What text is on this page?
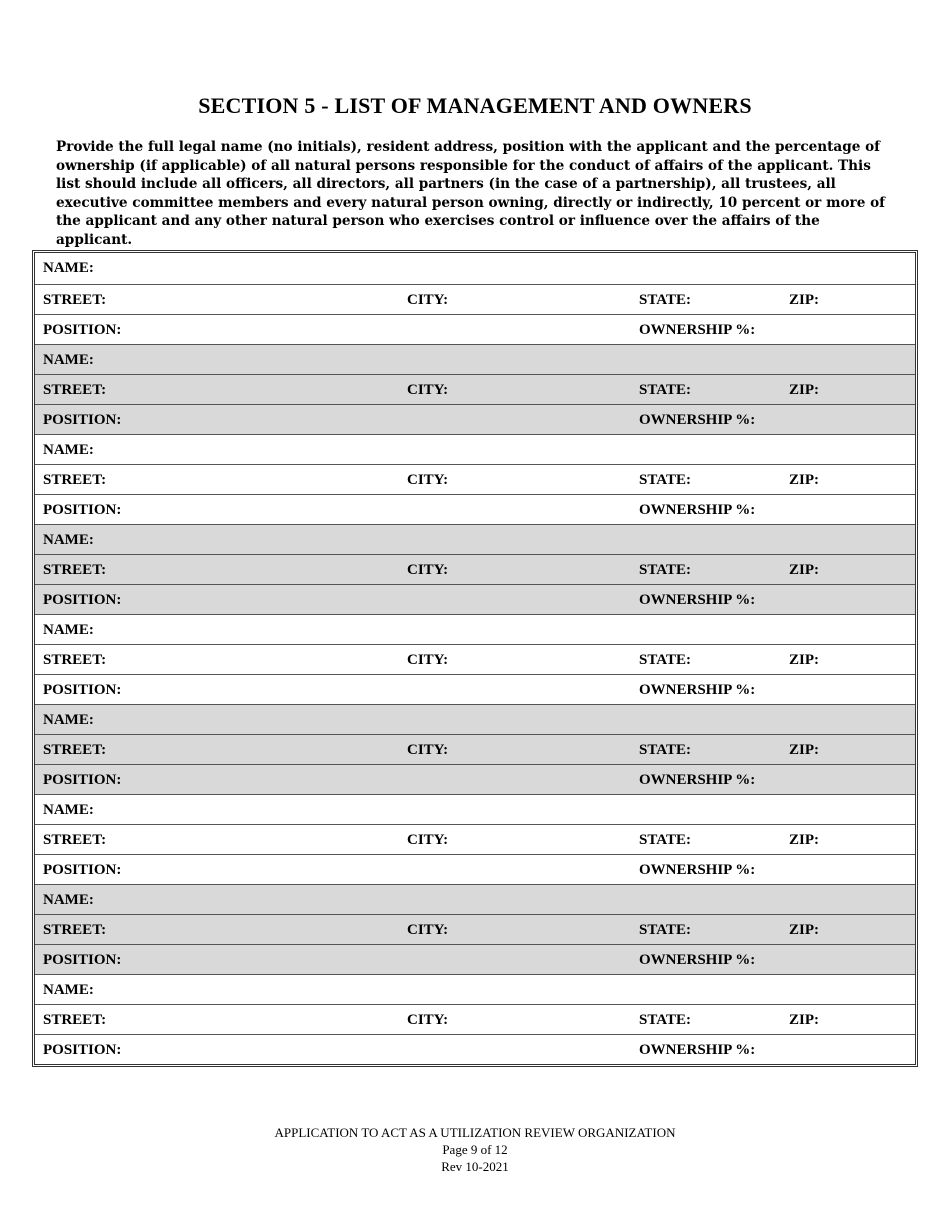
SECTION 5 - LIST OF MANAGEMENT AND OWNERS
Provide the full legal name (no initials), resident address, position with the applicant and the percentage of ownership (if applicable) of all natural persons responsible for the conduct of affairs of the applicant. This list should include all officers, all directors, all partners (in the case of a partnership), all trustees, all executive committee members and every natural person owning, directly or indirectly, 10 percent or more of the applicant and any other natural person who exercises control or influence over the affairs of the applicant.
NAME:
STREET:	CITY:	STATE:	ZIP:
POSITION:	OWNERSHIP %:
NAME:
STREET:	CITY:	STATE:	ZIP:
POSITION:	OWNERSHIP %:
NAME:
STREET:	CITY:	STATE:	ZIP:
POSITION:	OWNERSHIP %:
NAME:
STREET:	CITY:	STATE:	ZIP:
POSITION:	OWNERSHIP %:
NAME:
STREET:	CITY:	STATE:	ZIP:
POSITION:	OWNERSHIP %:
NAME:
STREET:	CITY:	STATE:	ZIP:
POSITION:	OWNERSHIP %:
NAME:
STREET:	CITY:	STATE:	ZIP:
POSITION:	OWNERSHIP %:
NAME:
STREET:	CITY:	STATE:	ZIP:
POSITION:	OWNERSHIP %:
NAME:
STREET:	CITY:	STATE:	ZIP:
POSITION:	OWNERSHIP %:
APPLICATION TO ACT AS A UTILIZATION REVIEW ORGANIZATION
Page 9 of 12
Rev 10-2021
